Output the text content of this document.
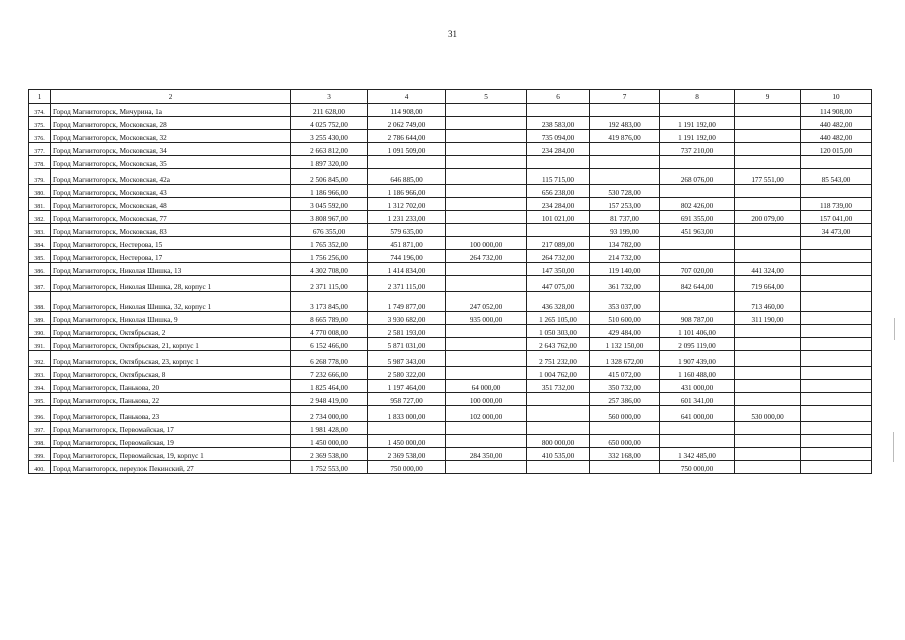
31
1	2	3	4	5	6	7	8	9	10
374.	Город Магнитогорск, Мичурина, 1а	211 628,00	114 908,00						114 908,00
375.	Город Магнитогорск, Московская, 28	4 025 752,00	2 062 749,00		238 583,00	192 483,00	1 191 192,00		440 482,00
376.	Город Магнитогорск, Московская, 32	3 255 430,00	2 786 644,00		735 094,00	419 876,00	1 191 192,00		440 482,00
377.	Город Магнитогорск, Московская, 34	2 663 812,00	1 091 509,00		234 284,00		737 210,00		120 015,00
378.	Город Магнитогорск, Московская, 35	1 897 320,00							
379.	Город Магнитогорск, Московская, 42а	2 506 845,00	646 885,00		115 715,00		268 076,00	177 551,00	85 543,00
380.	Город Магнитогорск, Московская, 43	1 186 966,00	1 186 966,00		656 238,00	530 728,00			
381.	Город Магнитогорск, Московская, 48	3 045 592,00	1 312 702,00		234 284,00	157 253,00	802 426,00		118 739,00
382.	Город Магнитогорск, Московская, 77	3 808 967,00	1 231 233,00		101 021,00	81 737,00	691 355,00	200 079,00	157 041,00
383.	Город Магнитогорск, Московская, 83	676 355,00	579 635,00			93 199,00	451 963,00		34 473,00
384.	Город Магнитогорск, Нестерова, 15	1 765 352,00	451 871,00	100 000,00	217 089,00	134 782,00			
385.	Город Магнитогорск, Нестерова, 17	1 756 256,00	744 196,00	264 732,00	264 732,00	214 732,00			
386.	Город Магнитогорск, Николая Шишка, 13	4 302 708,00	1 414 834,00		147 350,00	119 140,00	707 020,00	441 324,00	
387.	Город Магнитогорск, Николая Шишка, 28, корпус 1	2 371 115,00	2 371 115,00		447 075,00	361 732,00	842 644,00	719 664,00	
388.	Город Магнитогорск, Николая Шишка, 32, корпус 1	3 173 845,00	1 749 877,00	247 052,00	436 328,00	353 037,00		713 460,00	
389.	Город Магнитогорск, Николая Шишка, 9	8 665 789,00	3 930 682,00	935 000,00	1 265 105,00	510 600,00	908 787,00	311 190,00	
390.	Город Магнитогорск, Октябрьская, 2	4 770 008,00	2 581 193,00		1 050 303,00	429 484,00	1 101 406,00		
391.	Город Магнитогорск, Октябрьская, 21, корпус 1	6 152 466,00	5 871 031,00		2 643 762,00	1 132 150,00	2 095 119,00		
392.	Город Магнитогорск, Октябрьская, 23, корпус 1	6 268 778,00	5 987 343,00		2 751 232,00	1 328 672,00	1 907 439,00		
393.	Город Магнитогорск, Октябрьская, 8	7 232 666,00	2 580 322,00		1 004 762,00	415 072,00	1 160 488,00		
394.	Город Магнитогорск, Панькова, 20	1 825 464,00	1 197 464,00	64 000,00	351 732,00	350 732,00	431 000,00		
395.	Город Магнитогорск, Панькова, 22	2 948 419,00	958 727,00	100 000,00		257 386,00	601 341,00		
396.	Город Магнитогорск, Панькова, 23	2 734 000,00	1 833 000,00	102 000,00		560 000,00	641 000,00	530 000,00	
397.	Город Магнитогорск, Первомайская, 17	1 981 428,00							
398.	Город Магнитогорск, Первомайская, 19	1 450 000,00	1 450 000,00		800 000,00	650 000,00			
399.	Город Магнитогорск, Первомайская, 19, корпус 1	2 369 538,00	2 369 538,00	284 350,00	410 535,00	332 168,00	1 342 485,00		
400.	Город Магнитогорск, переулок Пекинский, 27	1 752 553,00	750 000,00				750 000,00		
